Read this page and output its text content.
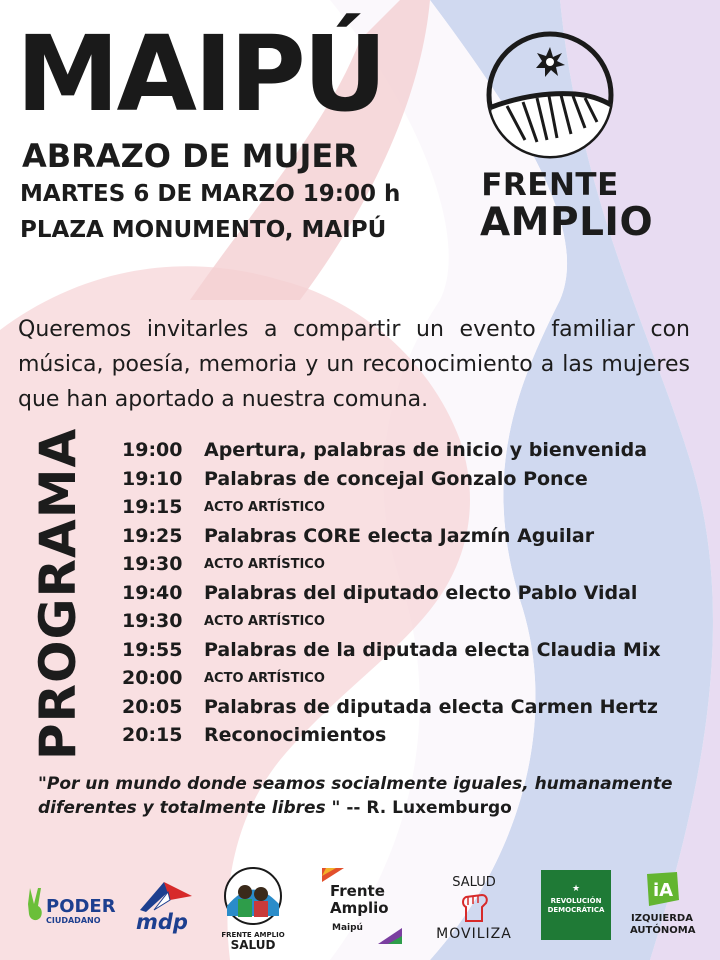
MAIPÚ
ABRAZO DE MUJER
MARTES 6 DE MARZO 19:00 h
PLAZA MONUMENTO, MAIPÚ
FRENTE
AMPLIO
Queremos invitarles a compartir un evento familiar con música, poesía, memoria y un reconocimiento a las mujeres que han aportado a nuestra comuna.
PROGRAMA 19:00	Apertura, palabras de inicio y bienvenida
19:10	Palabras de concejal Gonzalo Ponce
19:15	ACTO ARTÍSTICO
19:25	Palabras CORE electa Jazmín Aguilar
19:30	ACTO ARTÍSTICO
19:40	Palabras del diputado electo Pablo Vidal
19:30	ACTO ARTÍSTICO
19:55	Palabras de la diputada electa Claudia Mix
20:00	ACTO ARTÍSTICO
20:05	Palabras de diputada electa Carmen Hertz
20:15	Reconocimientos
"Por un mundo donde seamos socialmente iguales, humanamente diferentes y totalmente libres " -- R. Luxemburgo
PODER
CIUDADANO mdp
FRENTE AMPLIO
SALUD
Frente
Amplio
Maipú
SALUD
MOVILIZA
★
REVOLUCIÓN
DEMOCRÁTICA
iA
IZQUIERDA
AUTÓNOMA
